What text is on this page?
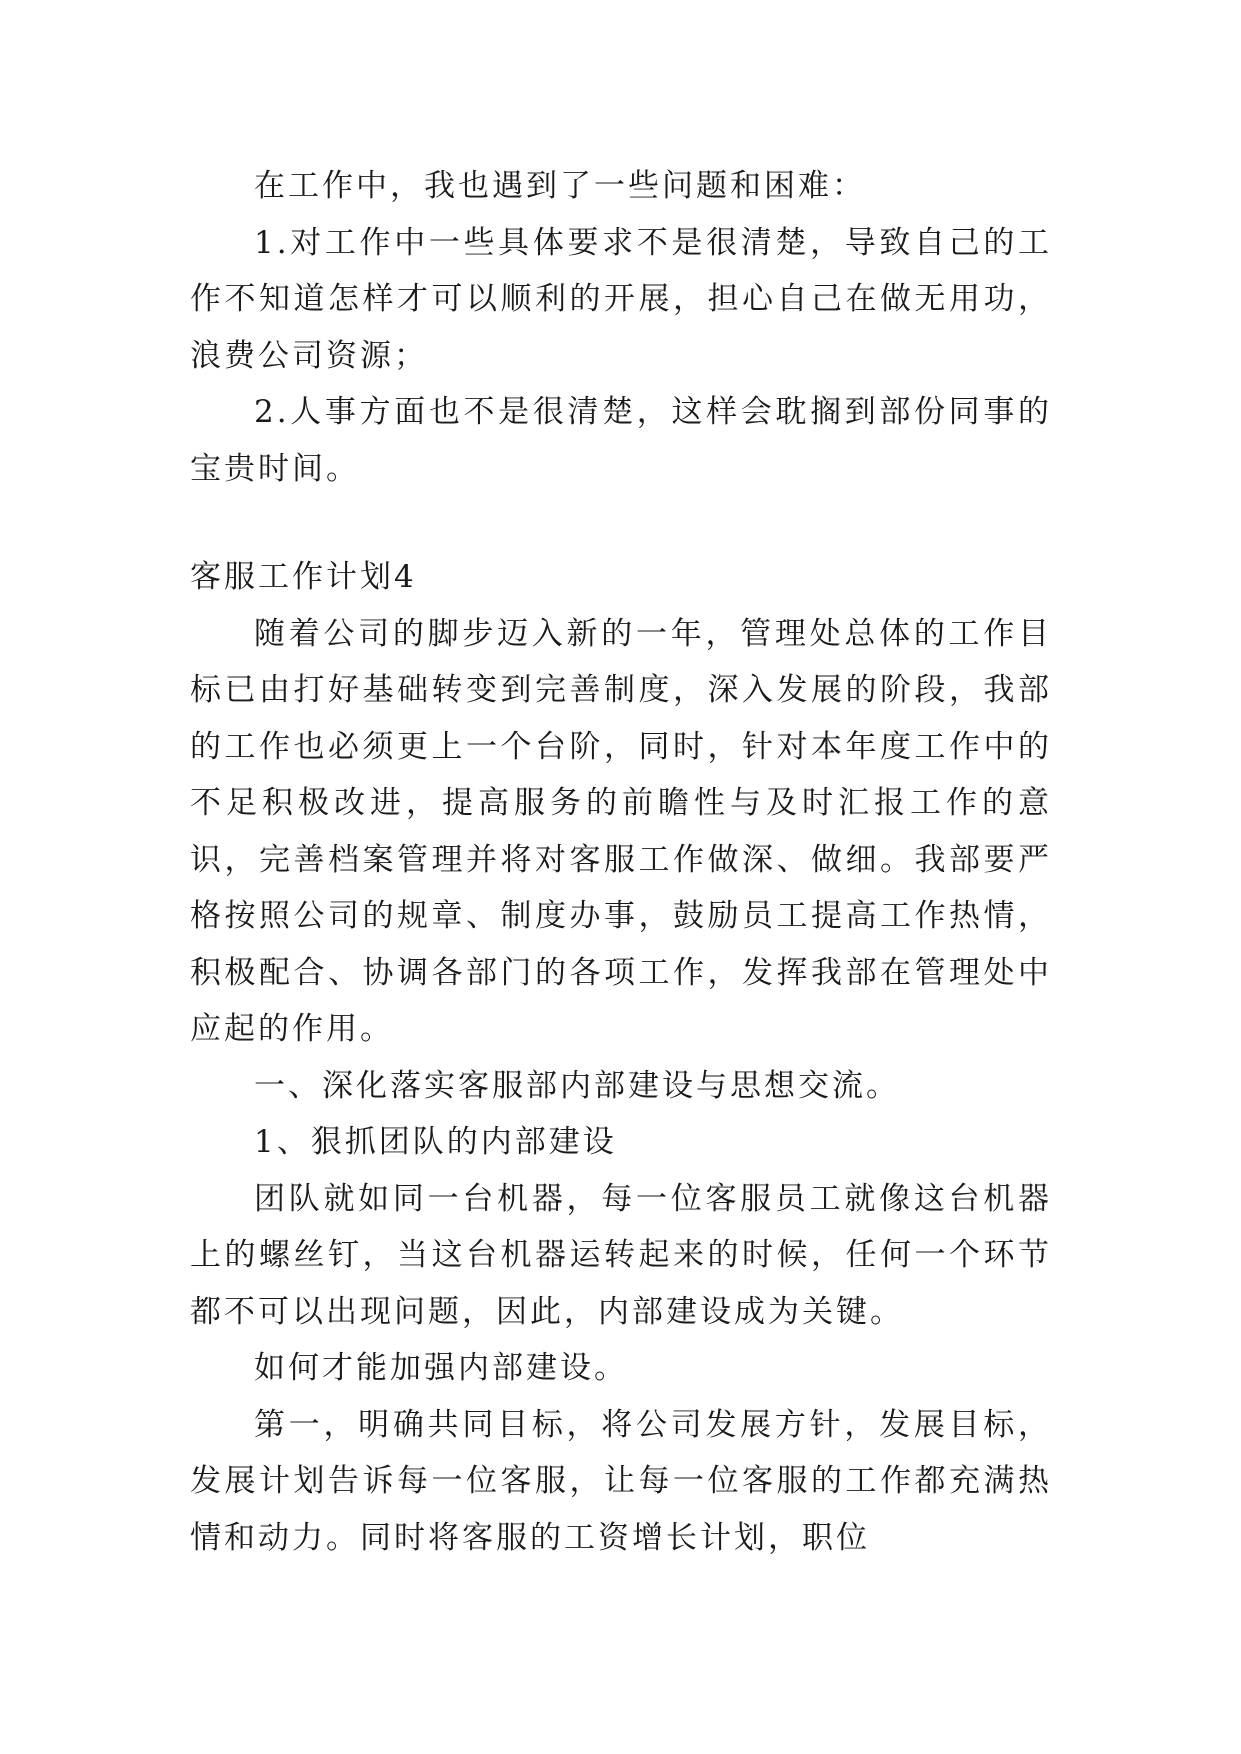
在工作中，我也遇到了一些问题和困难：

1.对工作中一些具体要求不是很清楚，导致自己的工作不知道怎样才可以顺利的开展，担心自己在做无用功，浪费公司资源；

2.人事方面也不是很清楚，这样会耽搁到部份同事的宝贵时间。

客服工作计划4

随着公司的脚步迈入新的一年，管理处总体的工作目标已由打好基础转变到完善制度，深入发展的阶段，我部的工作也必须更上一个台阶，同时，针对本年度工作中的不足积极改进，提高服务的前瞻性与及时汇报工作的意识，完善档案管理并将对客服工作做深、做细。我部要严格按照公司的规章、制度办事，鼓励员工提高工作热情，积极配合、协调各部门的各项工作，发挥我部在管理处中应起的作用。

一、深化落实客服部内部建设与思想交流。

1、狠抓团队的内部建设

团队就如同一台机器，每一位客服员工就像这台机器上的螺丝钉，当这台机器运转起来的时候，任何一个环节都不可以出现问题，因此，内部建设成为关键。

如何才能加强内部建设。

第一，明确共同目标，将公司发展方针，发展目标，发展计划告诉每一位客服，让每一位客服的工作都充满热情和动力。同时将客服的工资增长计划，职位
